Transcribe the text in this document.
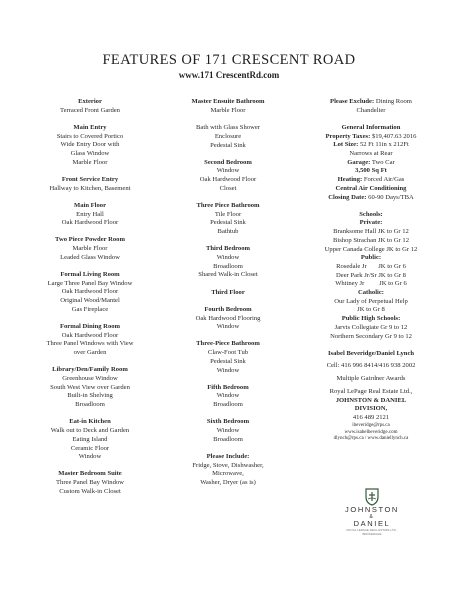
FEATURES OF 171 CRESCENT ROAD
www.171 CrescentRd.com
Exterior
Terraced Front Garden
Main Entry
Stairs to Covered Portico
Wide Entry Door with
Glass Window
Marble Floor
Front Service Entry
Hallway to Kitchen, Basement
Main Floor
Entry Hall
Oak Hardwood Floor
Two Piece Powder Room
Marble Floor
Leaded Glass Window
Formal Living Room
Large Three Panel Bay Window
Oak Hardwood Floor
Original Wood/Mantel
Gas Fireplace
Formal Dining Room
Oak Hardwood Floor
Three Panel Windows with View
over Garden
Library/Den/Family Room
Greenhouse Window
South West View over Garden
Built-in Shelving
Broadloom
Eat-in Kitchen
Walk out to Deck and Garden
Eating Island
Ceramic Floor
Window
Master Bedroom Suite
Three Panel Bay Window
Custom Walk-in Closet
Master Ensuite Bathroom
Marble Floor
Bath with Glass Shower
Enclosure
Pedestal Sink
Second Bedroom
Window
Oak Hardwood Floor
Closet
Three Piece Bathroom
Tile Floor
Pedestal Sink
Bathtub
Third Bedroom
Window
Broadloom
Shared Walk-in Closet
Third Floor
Fourth Bedroom
Oak Hardwood Flooring
Window
Three-Piece Bathroom
Claw-Foot Tub
Pedestal Sink
Window
Fifth Bedroom
Window
Broadloom
Sixth Bedroom
Window
Broadloom
Please Include:
Fridge, Stove, Dishwasher,
Microwave,
Washer, Dryer (as is)
Please Exclude: Dining Room
Chandelier
General Information
Property Taxes: $19,407.63 2016
Lot Size: 52 Ft 11in x 212Ft
Narrows at Rear
Garage: Two Car
3,500 Sq Ft
Heating: Forced Air/Gas
Central Air Conditioning
Closing Date: 60-90 Days/TBA
Schools:
Private:
Branksome Hall JK to Gr 12
Bishop Strachan JK to Gr 12
Upper Canada College JK to Gr 12
Public:
Rosedale Jr       JK to Gr 6
Deer Park Jr/Sr JK to Gr 8
Whitney Jr         JK to Gr 6
Catholic:
Our Lady of Perpetual Help
JK to Gr 8
Public High Schools:
Jarvis Collegiate Gr 9 to 12
Northern Secondary Gr 9 to 12
Isabel Beveridge/Daniel Lynch
Cell: 416 996 8414/416 938 2002
Multiple Gairdner Awards
Royal LePage Real Estate Ltd.,
JOHNSTON & DANIEL
DIVISION,
416 489 2121
ibeveridge@rps.ca
www.isabelbeveridge.com
dlynch@rps.ca / www.daniellynch.ca
JOHNSTON
&
DANIEL
ROYAL LEPAGE REAL ESTATE LTD., BROKERAGE
